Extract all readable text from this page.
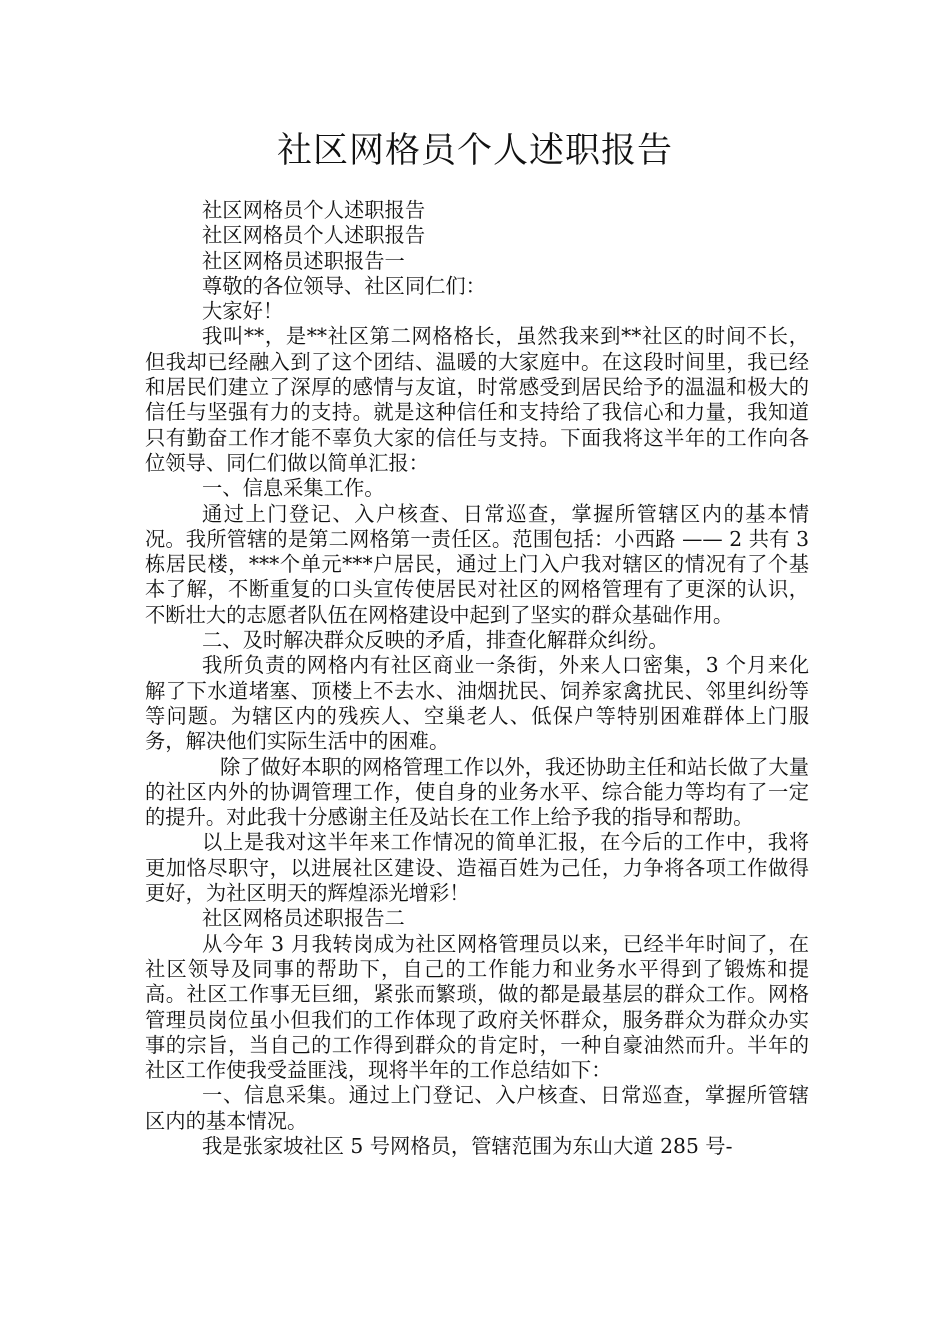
社区网格员个人述职报告

社区网格员个人述职报告

社区网格员个人述职报告

社区网格员述职报告一

尊敬的各位领导、社区同仁们：

大家好！

我叫**，是**社区第二网格格长，虽然我来到**社区的时间不长，但我却已经融入到了这个团结、温暖的大家庭中。在这段时间里，我已经和居民们建立了深厚的感情与友谊，时常感受到居民给予的温温和极大的信任与坚强有力的支持。就是这种信任和支持给了我信心和力量，我知道只有勤奋工作才能不辜负大家的信任与支持。下面我将这半年的工作向各位领导、同仁们做以简单汇报：

一、信息采集工作。

通过上门登记、入户核查、日常巡查，掌握所管辖区内的基本情况。我所管辖的是第二网格第一责任区。范围包括：小西路 —— 2 共有 3 栋居民楼，***个单元***户居民，通过上门入户我对辖区的情况有了个基本了解，不断重复的口头宣传使居民对社区的网格管理有了更深的认识，不断壮大的志愿者队伍在网格建设中起到了坚实的群众基础作用。

二、及时解决群众反映的矛盾，排查化解群众纠纷。

我所负责的网格内有社区商业一条街，外来人口密集，3 个月来化解了下水道堵塞、顶楼上不去水、油烟扰民、饲养家禽扰民、邻里纠纷等等问题。为辖区内的残疾人、空巢老人、低保户等特别困难群体上门服务，解决他们实际生活中的困难。

除了做好本职的网格管理工作以外，我还协助主任和站长做了大量的社区内外的协调管理工作，使自身的业务水平、综合能力等均有了一定的提升。对此我十分感谢主任及站长在工作上给予我的指导和帮助。

以上是我对这半年来工作情况的简单汇报，在今后的工作中，我将更加恪尽职守，以进展社区建设、造福百姓为己任，力争将各项工作做得更好，为社区明天的辉煌添光增彩！

社区网格员述职报告二

从今年 3 月我转岗成为社区网格管理员以来，已经半年时间了，在社区领导及同事的帮助下，自己的工作能力和业务水平得到了锻炼和提高。社区工作事无巨细，紧张而繁琐，做的都是最基层的群众工作。网格管理员岗位虽小但我们的工作体现了政府关怀群众，服务群众为群众办实事的宗旨，当自己的工作得到群众的肯定时，一种自豪油然而升。半年的社区工作使我受益匪浅，现将半年的工作总结如下：

一、信息采集。通过上门登记、入户核查、日常巡查，掌握所管辖区内的基本情况。

我是张家坡社区 5 号网格员，管辖范围为东山大道 285 号-
